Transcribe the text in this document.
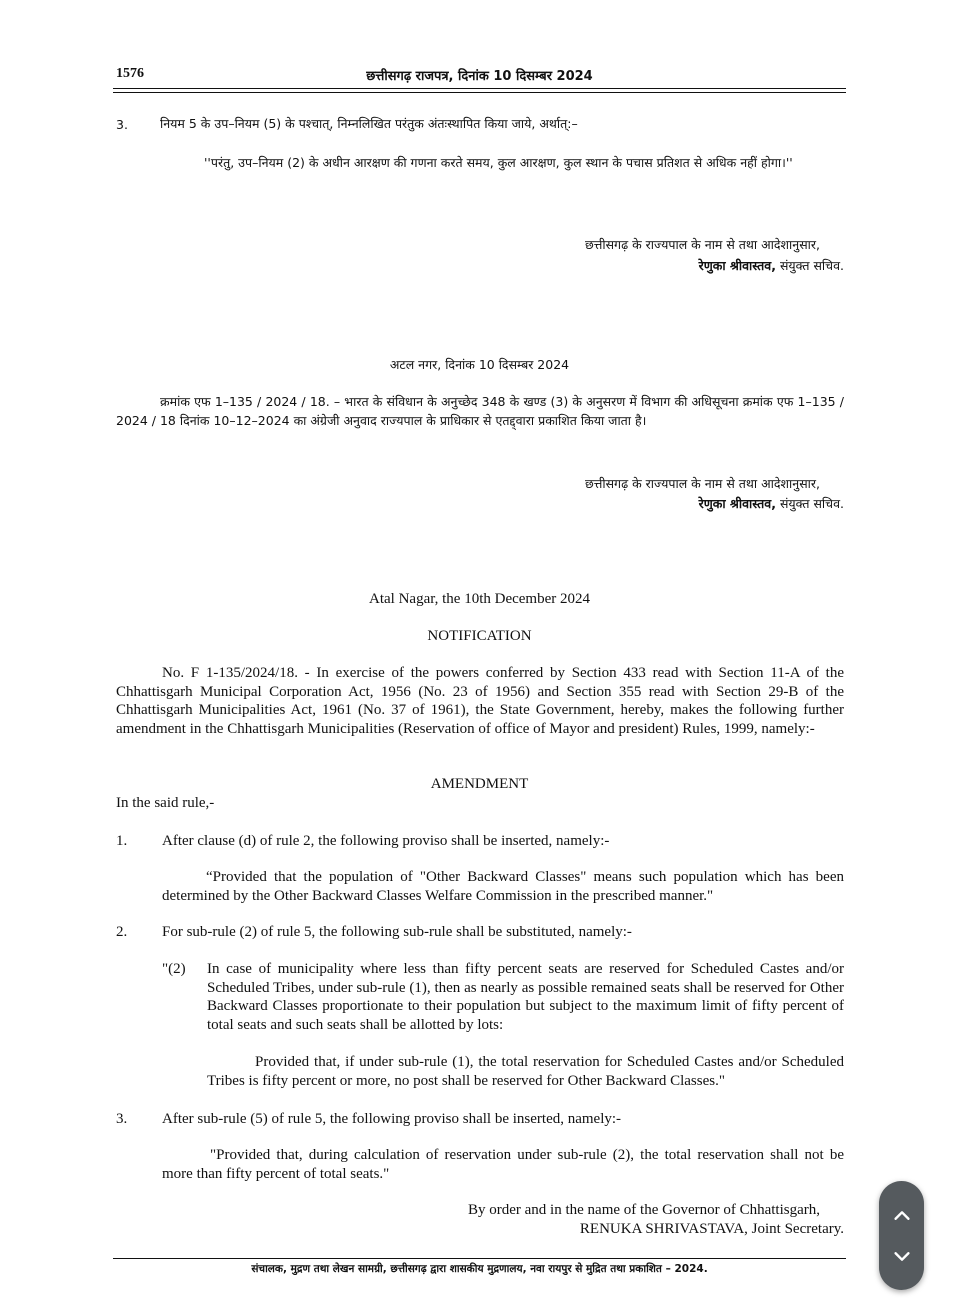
1576	छत्तीसगढ़ राजपत्र, दिनांक 10 दिसम्बर 2024
3.	नियम 5 के उप–नियम (5) के पश्चात्, निम्नलिखित परंतुक अंतःस्थापित किया जाये, अर्थात्:–
''परंतु, उप–नियम (2) के अधीन आरक्षण की गणना करते समय, कुल आरक्षण, कुल स्थान के पचास प्रतिशत से अधिक नहीं होगा।''
छत्तीसगढ़ के राज्यपाल के नाम से तथा आदेशानुसार,
रेणुका श्रीवास्तव, संयुक्त सचिव.
अटल नगर, दिनांक 10 दिसम्बर 2024
क्रमांक एफ 1–135 / 2024 / 18. – भारत के संविधान के अनुच्छेद 348 के खण्ड (3) के अनुसरण में विभाग की अधिसूचना क्रमांक एफ 1–135 / 2024 / 18 दिनांक 10–12–2024 का अंग्रेजी अनुवाद राज्यपाल के प्राधिकार से एतद्द्वारा प्रकाशित किया जाता है।
छत्तीसगढ़ के राज्यपाल के नाम से तथा आदेशानुसार,
रेणुका श्रीवास्तव, संयुक्त सचिव.
Atal Nagar, the 10th December 2024
NOTIFICATION
No. F 1-135/2024/18. - In exercise of the powers conferred by Section 433 read with Section 11-A of the Chhattisgarh Municipal Corporation Act, 1956 (No. 23 of 1956) and Section 355 read with Section 29-B of the Chhattisgarh Municipalities Act, 1961 (No. 37 of 1961), the State Government, hereby, makes the following further amendment in the Chhattisgarh Municipalities (Reservation of office of Mayor and president) Rules, 1999, namely:-
AMENDMENT
In the said rule,-
1. After clause (d) of rule 2, the following proviso shall be inserted, namely:-
“Provided that the population of "Other Backward Classes" means such population which has been determined by the Other Backward Classes Welfare Commission in the prescribed manner."
2. For sub-rule (2) of rule 5, the following sub-rule shall be substituted, namely:-
"(2) In case of municipality where less than fifty percent seats are reserved for Scheduled Castes and/or Scheduled Tribes, under sub-rule (1), then as nearly as possible remained seats shall be reserved for Other Backward Classes proportionate to their population but subject to the maximum limit of fifty percent of total seats and such seats shall be allotted by lots:
Provided that, if under sub-rule (1), the total reservation for Scheduled Castes and/or Scheduled Tribes is fifty percent or more, no post shall be reserved for Other Backward Classes."
3. After sub-rule (5) of rule 5, the following proviso shall be inserted, namely:-
"Provided that, during calculation of reservation under sub-rule (2), the total reservation shall not be more than fifty percent of total seats."
By order and in the name of the Governor of Chhattisgarh,
RENUKA SHRIVASTAVA, Joint Secretary.
संचालक, मुद्रण तथा लेखन सामग्री, छत्तीसगढ़ द्वारा शासकीय मुद्रणालय, नवा रायपुर से मुद्रित तथा प्रकाशित – 2024.
